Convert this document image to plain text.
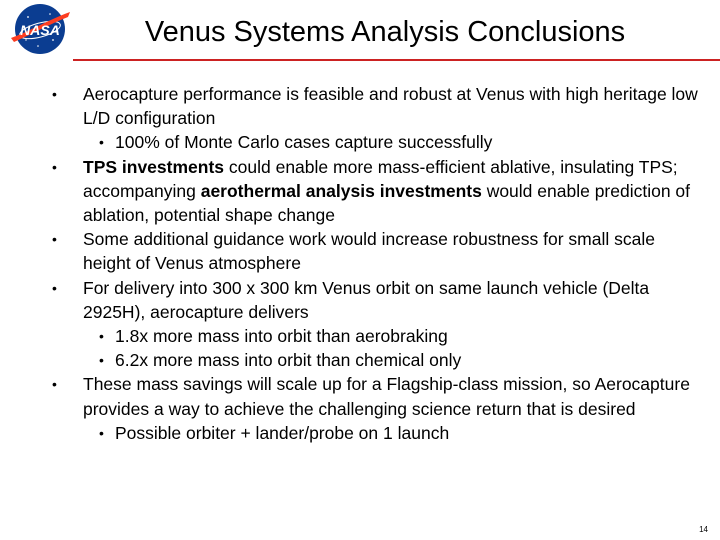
NASA	Venus Systems Analysis Conclusions
• Aerocapture performance is feasible and robust at Venus with high heritage low L/D configuration
• 100% of Monte Carlo cases capture successfully
• TPS investments could enable more mass-efficient ablative, insulating TPS; accompanying aerothermal analysis investments would enable prediction of ablation, potential shape change
• Some additional guidance work would increase robustness for small scale height of Venus atmosphere
• For delivery into 300 x 300 km Venus orbit on same launch vehicle (Delta 2925H), aerocapture delivers
• 1.8x more mass into orbit than aerobraking
• 6.2x more mass into orbit than chemical only
• These mass savings will scale up for a Flagship-class mission, so Aerocapture provides a way to achieve the challenging science return that is desired
• Possible orbiter + lander/probe on 1 launch
14
